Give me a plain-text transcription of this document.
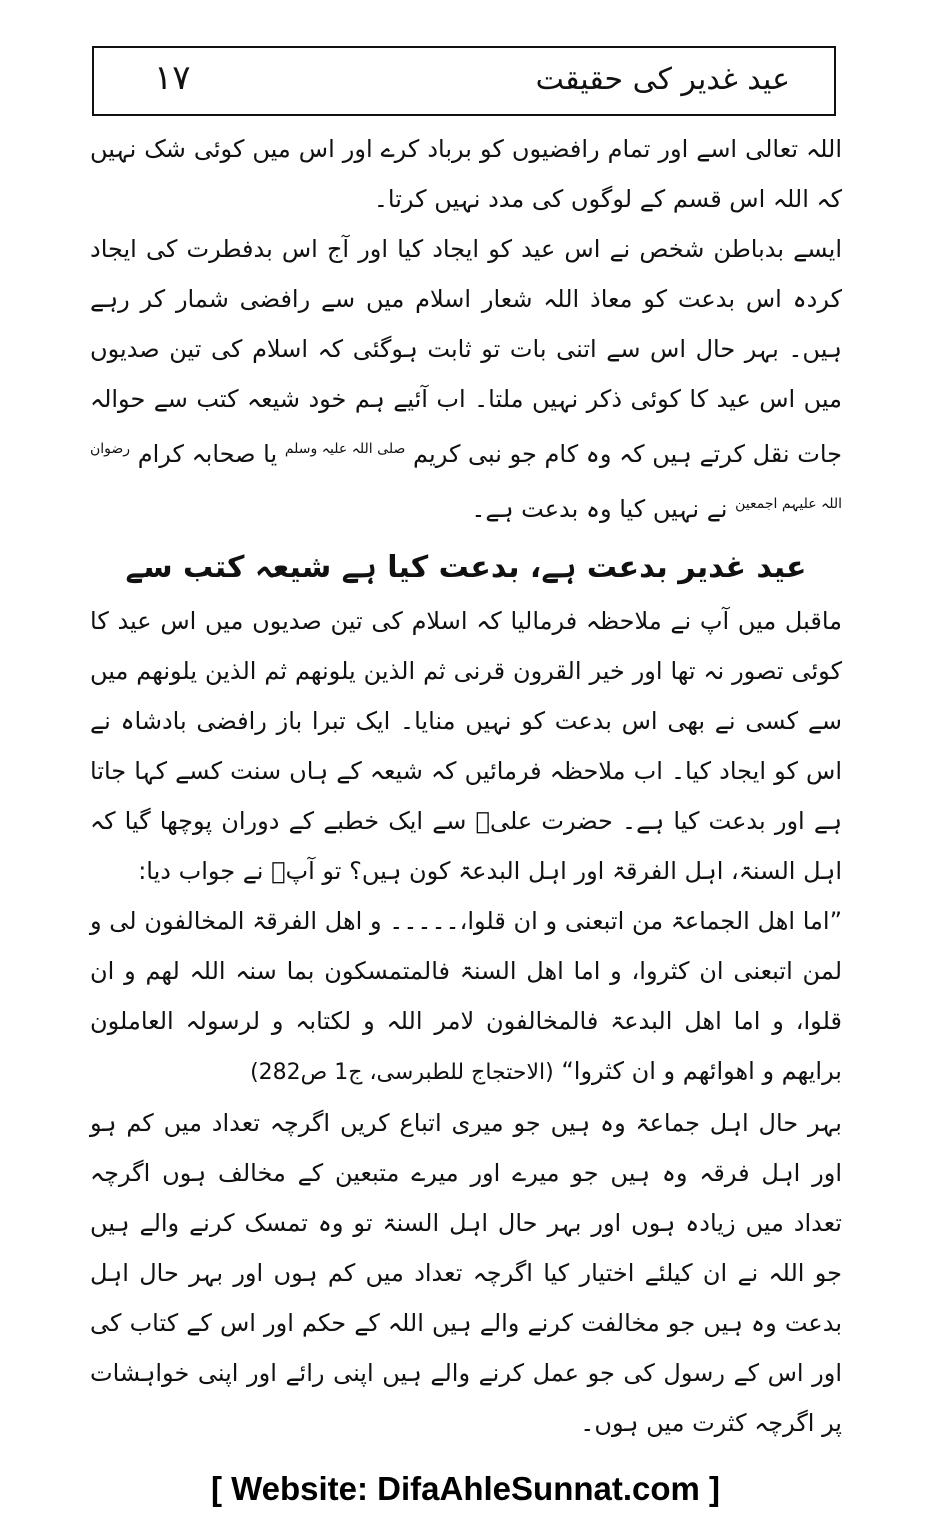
۱۷	عید غدیر کی حقیقت

اللہ تعالی اسے اور تمام رافضیوں کو برباد کرے اور اس میں کوئی شک نہیں کہ اللہ اس قسم کے لوگوں کی مدد نہیں کرتا۔

ایسے بدباطن شخص نے اس عید کو ایجاد کیا اور آج اس بدفطرت کی ایجاد کردہ اس بدعت کو معاذ اللہ شعار اسلام میں سے رافضی شمار کر رہے ہیں۔ بہر حال اس سے اتنی بات تو ثابت ہوگئی کہ اسلام کی تین صدیوں میں اس عید کا کوئی ذکر نہیں ملتا۔ اب آئیے ہم خود شیعہ کتب سے حوالہ جات نقل کرتے ہیں کہ وہ کام جو نبی کریم $^{صلی اللہ علیہ وسلم}$ یا صحابہ کرام $^{رضوان اللہ علیہم اجمعین}$ نے نہیں کیا وہ بدعت ہے۔

عید غدیر بدعت ہے، بدعت کیا ہے شیعہ کتب سے

ماقبل میں آپ نے ملاحظہ فرمالیا کہ اسلام کی تین صدیوں میں اس عید کا کوئی تصور نہ تھا اور خیر القرون قرنی ثم الذین یلونھم ثم الذین یلونھم میں سے کسی نے بھی اس بدعت کو نہیں منایا۔ ایک تبرا باز رافضی بادشاہ نے اس کو ایجاد کیا۔ اب ملاحظہ فرمائیں کہ شیعہ کے ہاں سنت کسے کہا جاتا ہے اور بدعت کیا ہے۔ حضرت علیؓ سے ایک خطبے کے دوران پوچھا گیا کہ اہل السنۃ، اہل الفرقۃ اور اہل البدعۃ کون ہیں؟ تو آپؓ نے جواب دیا:

”اما اھل الجماعۃ من اتبعنی و ان قلوا،۔۔۔۔۔ و اھل الفرقۃ المخالفون لی و لمن اتبعنی ان کثروا، و اما اھل السنۃ فالمتمسکون بما سنہ اللہ لھم و ان قلوا، و اما اھل البدعۃ فالمخالفون لامر اللہ و لکتابہ و لرسولہ العاملون برایھم و اھوائھم و ان کثروا“ (الاحتجاج للطبرسی، ج1 ص282)

بہر حال اہل جماعۃ وہ ہیں جو میری اتباع کریں اگرچہ تعداد میں کم ہو اور اہل فرقہ وہ ہیں جو میرے اور میرے متبعین کے مخالف ہوں اگرچہ تعداد میں زیادہ ہوں اور بہر حال اہل السنۃ تو وہ تمسک کرنے والے ہیں جو اللہ نے ان کیلئے اختیار کیا اگرچہ تعداد میں کم ہوں اور بہر حال اہل بدعت وہ ہیں جو مخالفت کرنے والے ہیں اللہ کے حکم اور اس کے کتاب کی اور اس کے رسول کی جو عمل کرنے والے ہیں اپنی رائے اور اپنی خواہشات پر اگرچہ کثرت میں ہوں۔

[ Website: DifaAhleSunnat.com ]
